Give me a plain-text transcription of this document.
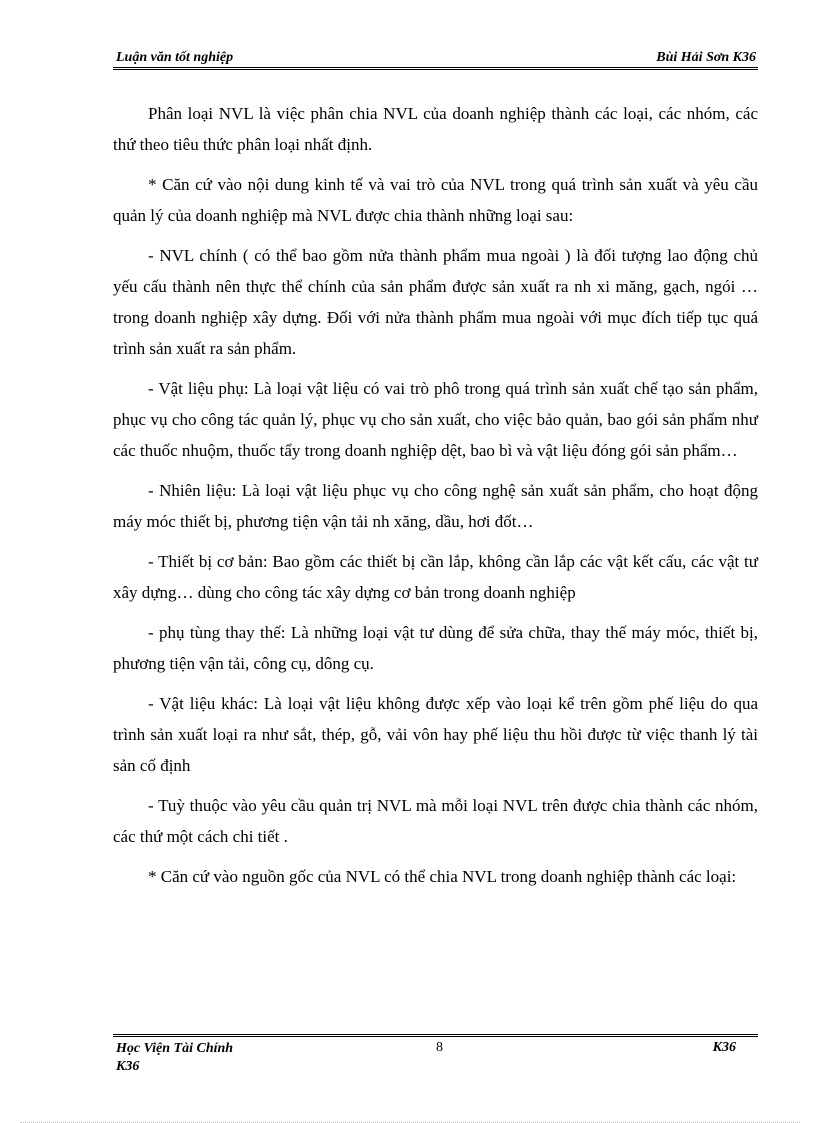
Luận văn tốt nghiệp	Bùi Hải Sơn K36

Phân loại NVL là việc phân chia NVL của doanh nghiệp thành các loại, các nhóm, các thứ theo tiêu thức phân loại nhất định.

* Căn cứ vào nội dung kinh tế và vai trò của NVL trong quá trình sản xuất và yêu cầu quản lý của doanh nghiệp mà NVL được chia thành những loại sau:

- NVL chính ( có thể bao gồm nửa thành phẩm mua ngoài ) là đối tượng lao động chủ yếu cấu thành nên thực thể chính của sản phẩm được sản xuất ra nh xi măng, gạch, ngói …trong doanh nghiệp xây dựng. Đối với nửa thành phẩm mua ngoài với mục đích tiếp tục quá trình sản xuất ra sản phẩm.

- Vật liệu phụ: Là loại vật liệu có vai trò phô trong quá trình sản xuất chế tạo sản phẩm, phục vụ cho công tác quản lý, phục vụ cho sản xuất, cho việc bảo quản, bao gói sản phẩm như các thuốc nhuộm, thuốc tẩy trong doanh nghiệp dệt, bao bì và vật liệu đóng gói sản phẩm…

- Nhiên liệu: Là loại vật liệu phục vụ cho công nghệ sản xuất sản phẩm, cho hoạt động máy móc thiết bị, phương tiện vận tải nh xăng, dầu, hơi đốt…

- Thiết bị cơ bản: Bao gồm các thiết bị cần lắp, không cần lắp các vật kết cấu, các vật tư xây dựng… dùng cho công tác xây dựng cơ bản trong doanh nghiệp

- phụ tùng thay thế: Là những loại vật tư dùng để sửa chữa, thay thế máy móc, thiết bị, phương tiện vận tải, công cụ, dông cụ.

- Vật liệu khác: Là loại vật liệu không được xếp vào loại kể trên gồm phế liệu do qua trình sản xuất loại ra như sắt, thép, gỗ, vải vôn hay phế liệu thu hồi được từ việc thanh lý tài sản cố định

- Tuỳ thuộc vào yêu cầu quản trị NVL mà mỗi loại NVL trên được chia thành các nhóm, các thứ một cách chi tiết .

* Căn cứ vào nguồn gốc của NVL có thể chia NVL trong doanh nghiệp thành các loại:

Học Viện Tài Chính
K36
8	K36
